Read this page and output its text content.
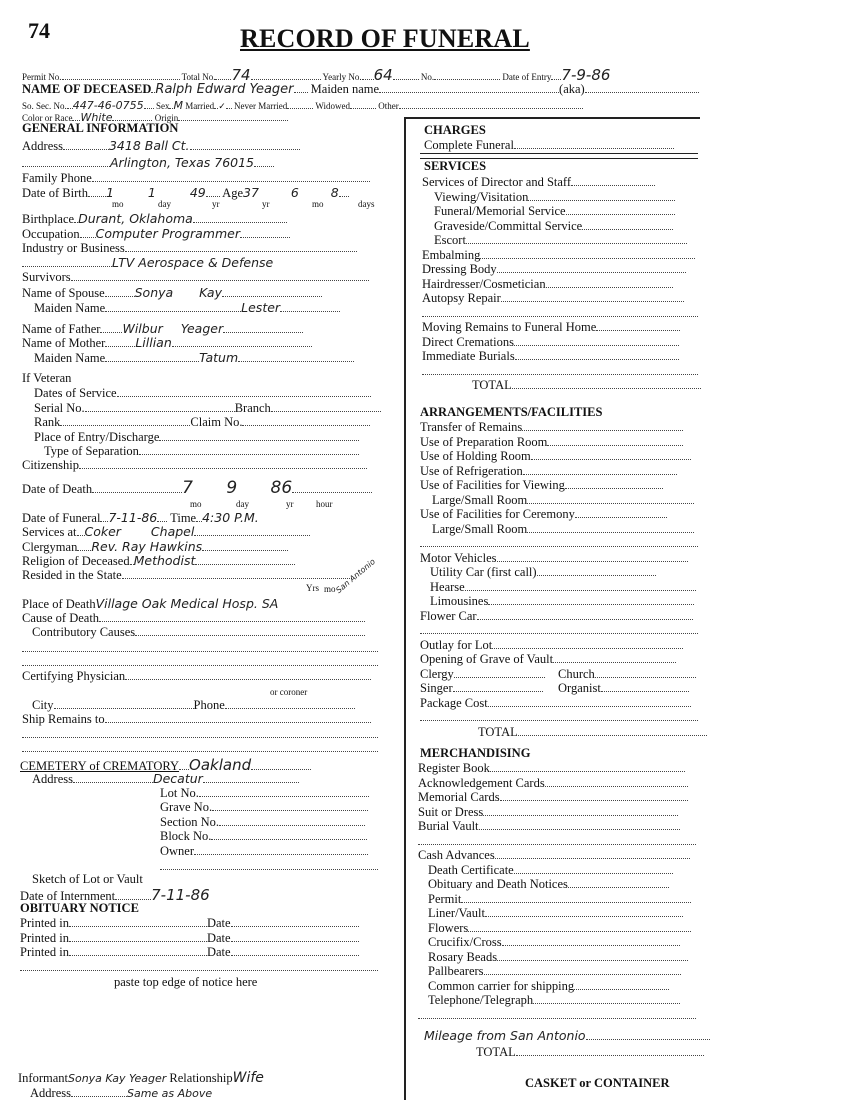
74	RECORD OF FUNERAL
Permit No.	Total No. 74	Yearly No. 64	No.	Date of Entry 7-9-86
NAME OF DECEASED Ralph Edward Yeager Maiden name	(aka)
So. Sec. No. 447-46-0755 Sex M Married ✓ Never Married	Widowed	Other
Color or Race White	Origin
GENERAL INFORMATION
Address	3418 Ball Ct.
Arlington, Texas 76015
Family Phone
Date of Birth 1 1 49 Age37 6 8
mo	day	yr	yr	mo	days
Birthplace Durant, Oklahoma
Occupation Computer Programmer
Industry or Business
LTV Aerospace & Defense
Survivors
Name of Spouse Sonya Kay
Maiden Name	Lester
Name of Father Wilbur Yeager
Name of Mother Lillian
Maiden Name	Tatum
If Veteran
Dates of Service
Serial No.	Branch
Rank	Claim No.
Place of Entry/Discharge
Type of Separation
Citizenship
Date of Death	7 9 86
mo	day	yr	hour
Date of Funeral 7-11-86 Time 4:30 P.M.
Services at Coker Chapel
Clergyman Rev. Ray Hawkins
Religion of Deceased Methodist
Resided in the State
Yrs mo
San Antonio
Place of DeathVillage Oak Medical Hosp. SA
Cause of Death
Contributory Causes
Certifying Physician
or coroner
City	Phone
Ship Remains to
CEMETERY of CREMATORY Oakland
Address	Decatur
Lot No.
Grave No.
Section No.
Block No.
Owner
Sketch of Lot or Vault
Date of Internment 7-11-86
OBITUARY NOTICE
Printed in	Date
Printed in	Date
Printed in	Date
paste top edge of notice here
InformantSonya Kay Yeager RelationshipWife
Address	Same as Above
CHARGES
Complete Funeral
SERVICES
Services of Director and Staff
Viewing/Visitation
Funeral/Memorial Service
Graveside/Committal Service
Escort
Embalming
Dressing Body
Hairdresser/Cosmetician
Autopsy Repair
Moving Remains to Funeral Home
Direct Cremations
Immediate Burials
TOTAL
ARRANGEMENTS/FACILITIES
Transfer of Remains
Use of Preparation Room
Use of Holding Room
Use of Refrigeration
Use of Facilities for Viewing
Large/Small Room
Use of Facilities for Ceremony
Large/Small Room
Motor Vehicles
Utility Car (first call)
Hearse
Limousines
Flower Car
Outlay for Lot
Opening of Grave of Vault
Clergy	Church
Singer	Organist
Package Cost
TOTAL
MERCHANDISING
Register Book
Acknowledgement Cards
Memorial Cards
Suit or Dress
Burial Vault
Cash Advances
Death Certificate
Obituary and Death Notices
Permit
Liner/Vault
Flowers
Crucifix/Cross
Rosary Beads
Pallbearers
Common carrier for shipping
Telephone/Telegraph
Mileage from San Antonio
TOTAL
CASKET or CONTAINER
